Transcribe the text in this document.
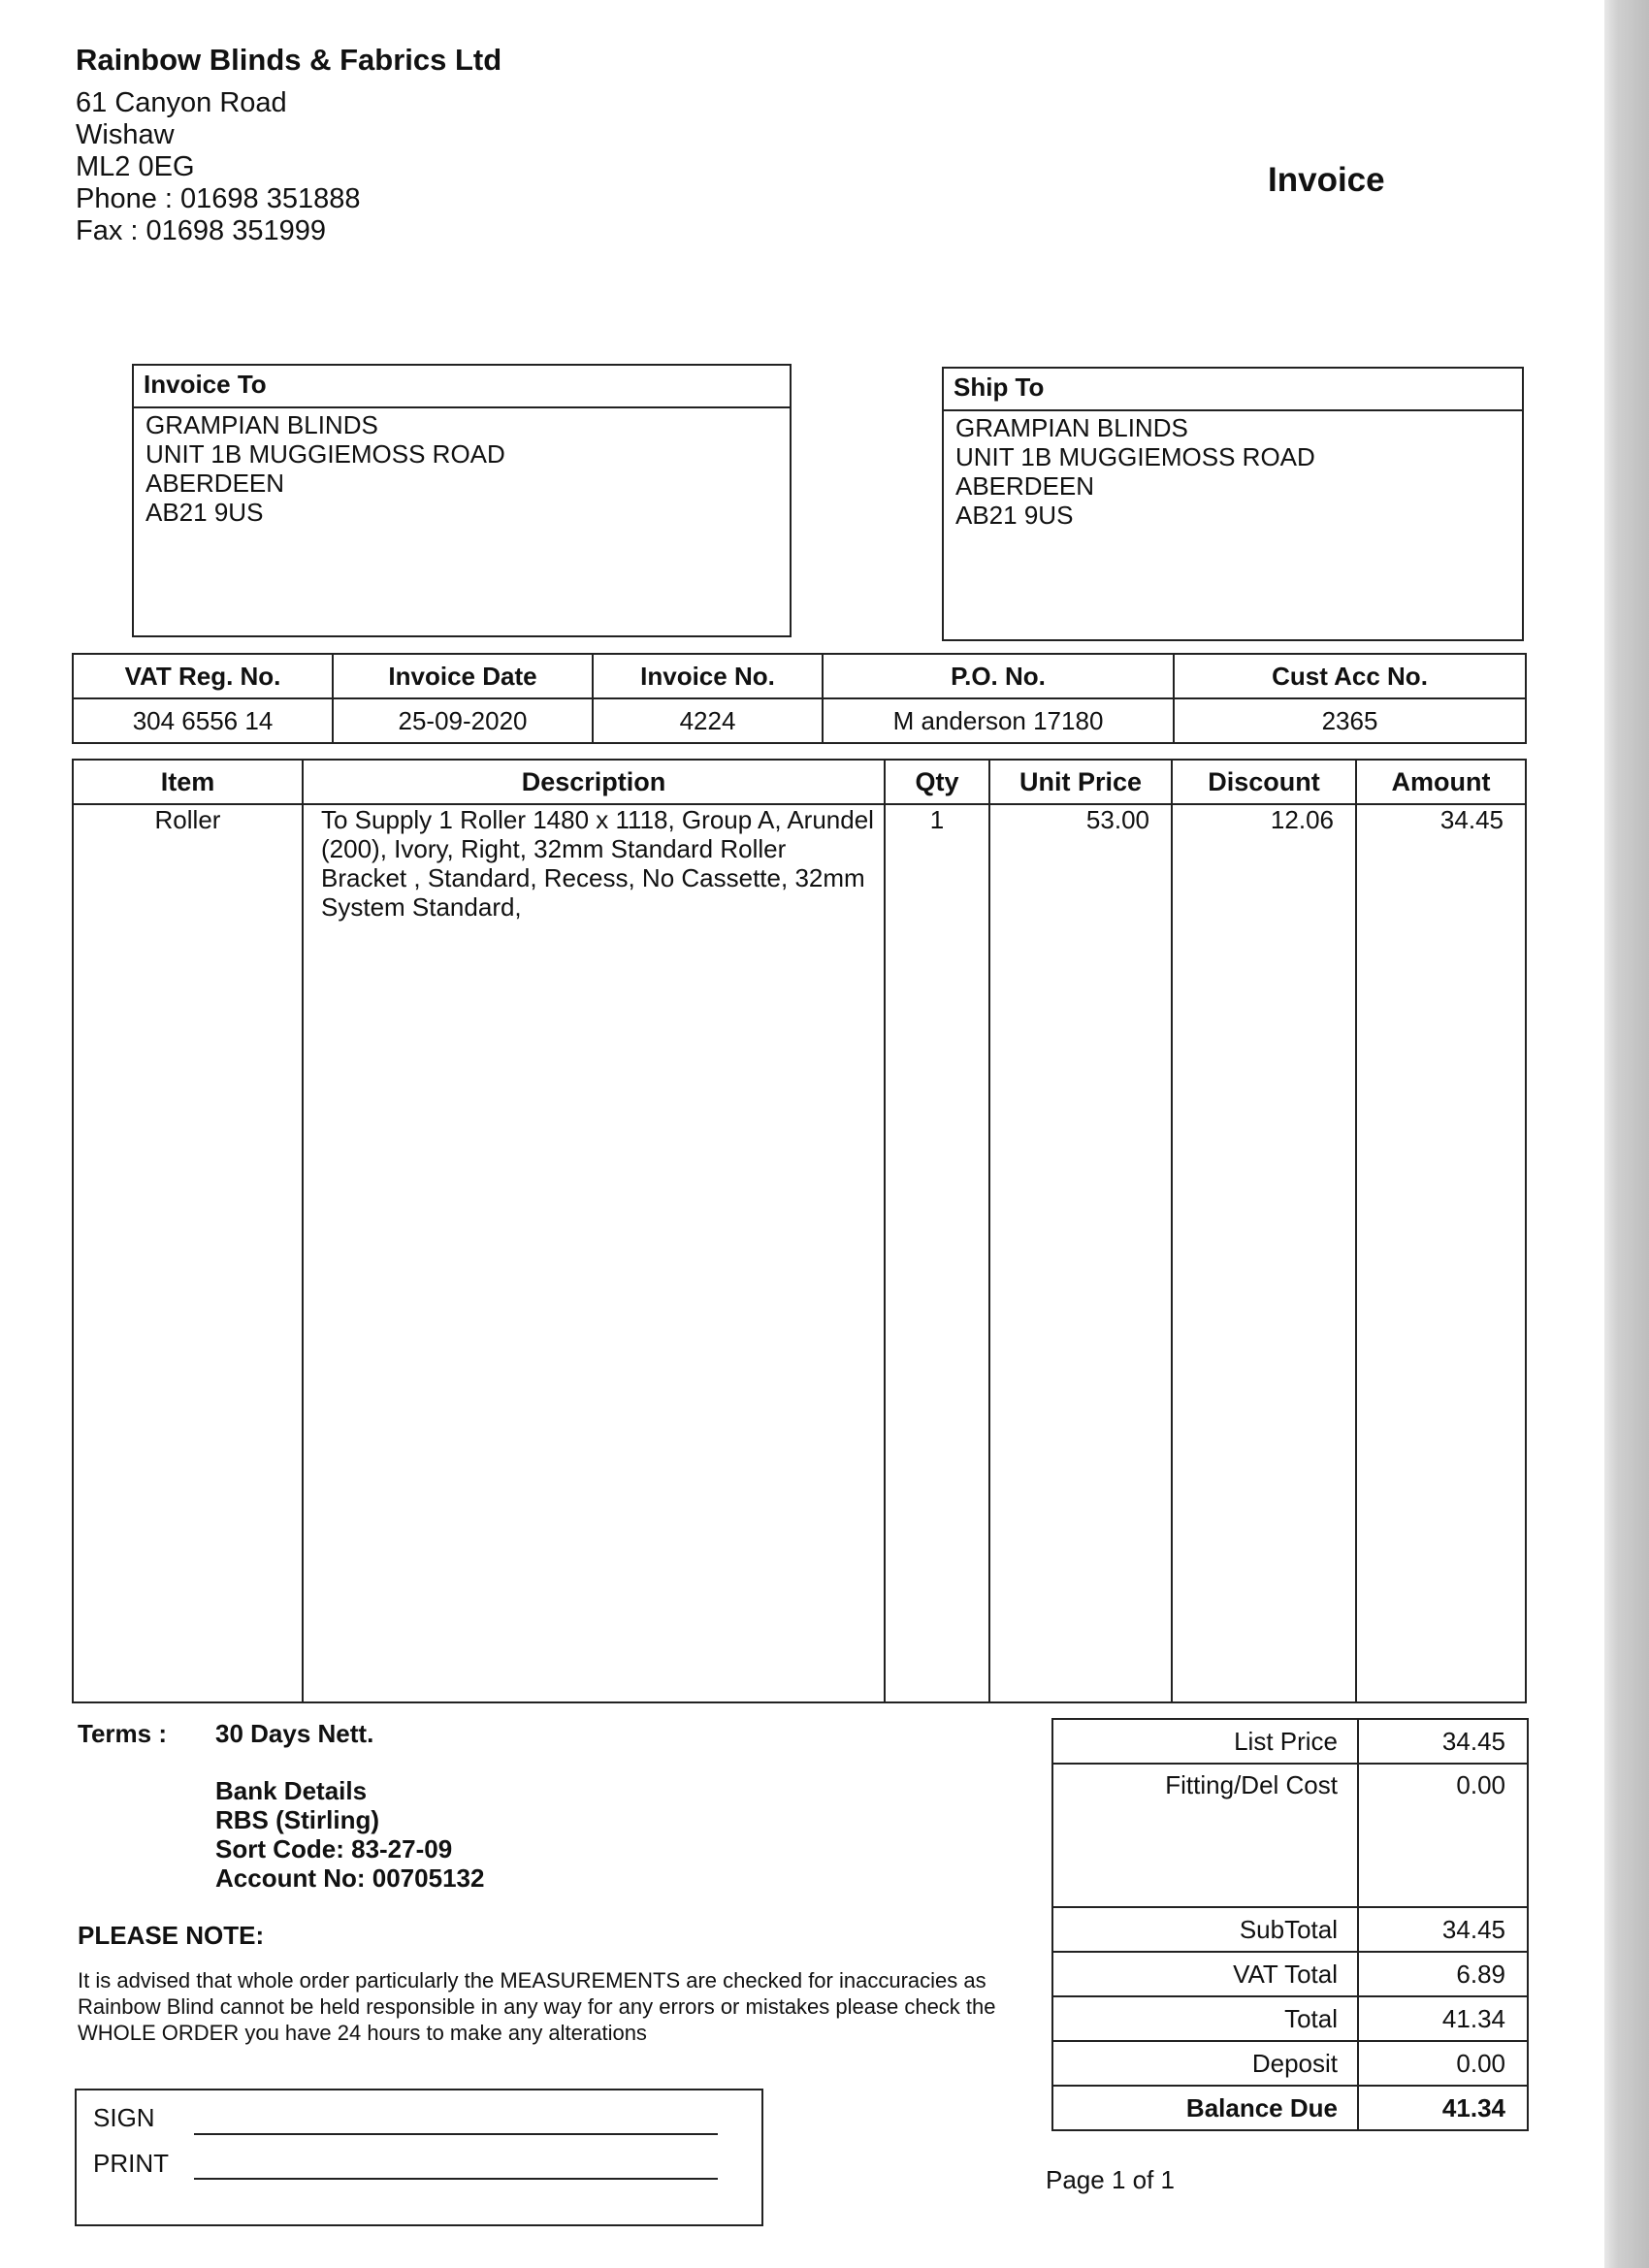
Rainbow Blinds & Fabrics Ltd
61 Canyon Road
Wishaw
ML2 0EG
Phone : 01698 351888
Fax : 01698 351999
Invoice
Invoice To
GRAMPIAN BLINDS
UNIT 1B MUGGIEMOSS ROAD
ABERDEEN
AB21 9US
Ship To
GRAMPIAN BLINDS
UNIT 1B MUGGIEMOSS ROAD
ABERDEEN
AB21 9US
VAT Reg. No.	Invoice Date	Invoice No.	P.O. No.	Cust Acc No.
304 6556 14	25-09-2020	4224	M anderson 17180	2365
Item	Description	Qty	Unit Price	Discount	Amount
Roller	To Supply 1 Roller 1480 x 1118, Group A, Arundel (200), Ivory, Right, 32mm Standard Roller Bracket , Standard, Recess, No Cassette, 32mm System Standard,	1	53.00	12.06	34.45
Terms : 30 Days Nett.
Bank Details
RBS (Stirling)
Sort Code: 83-27-09
Account No: 00705132
PLEASE NOTE:
It is advised that whole order particularly the MEASUREMENTS are checked for inaccuracies as Rainbow Blind cannot be held responsible in any way for any errors or mistakes please check the WHOLE ORDER you have 24 hours to make any alterations
SIGN
PRINT
List Price	34.45
Fitting/Del Cost	0.00
SubTotal	34.45
VAT Total	6.89
Total	41.34
Deposit	0.00
Balance Due	41.34
Page 1 of 1
